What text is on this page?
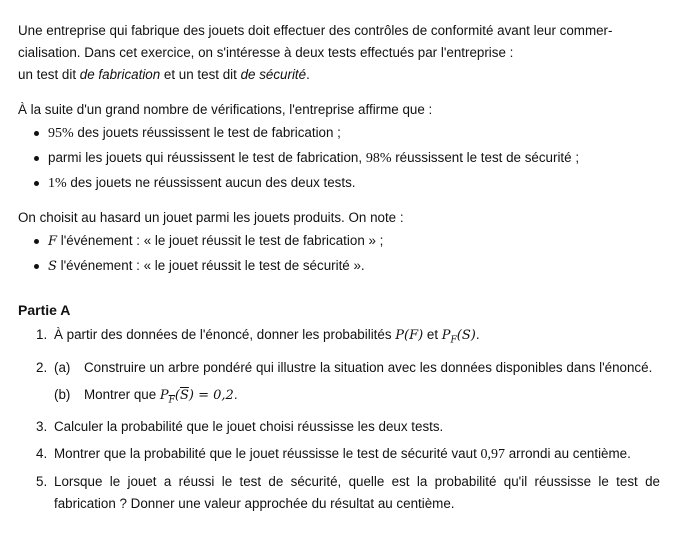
Une entreprise qui fabrique des jouets doit effectuer des contrôles de conformité avant leur commer-

cialisation. Dans cet exercice, on s'intéresse à deux tests effectués par l'entreprise :

un test dit de fabrication et un test dit de sécurité.

À la suite d'un grand nombre de vérifications, l'entreprise affirme que :

95% des jouets réussissent le test de fabrication ;
parmi les jouets qui réussissent le test de fabrication, 98% réussissent le test de sécurité ;
1% des jouets ne réussissent aucun des deux tests.

On choisit au hasard un jouet parmi les jouets produits. On note :

F l'événement : « le jouet réussit le test de fabrication » ;
S l'événement : « le jouet réussit le test de sécurité ».
Partie A
1. À partir des données de l'énoncé, donner les probabilités P(F) et $P_F(S)$.
2. (a) Construire un arbre pondéré qui illustre la situation avec les données disponibles dans l'énoncé.
(b) Montrer que $P_{\overline{F}}(\overline{S}) = 0,2$.
3. Calculer la probabilité que le jouet choisi réussisse les deux tests.
4. Montrer que la probabilité que le jouet réussisse le test de sécurité vaut 0,97 arrondi au centième.
5. Lorsque le jouet a réussi le test de sécurité, quelle est la probabilité qu'il réussisse le test de fabrication ? Donner une valeur approchée du résultat au centième.
